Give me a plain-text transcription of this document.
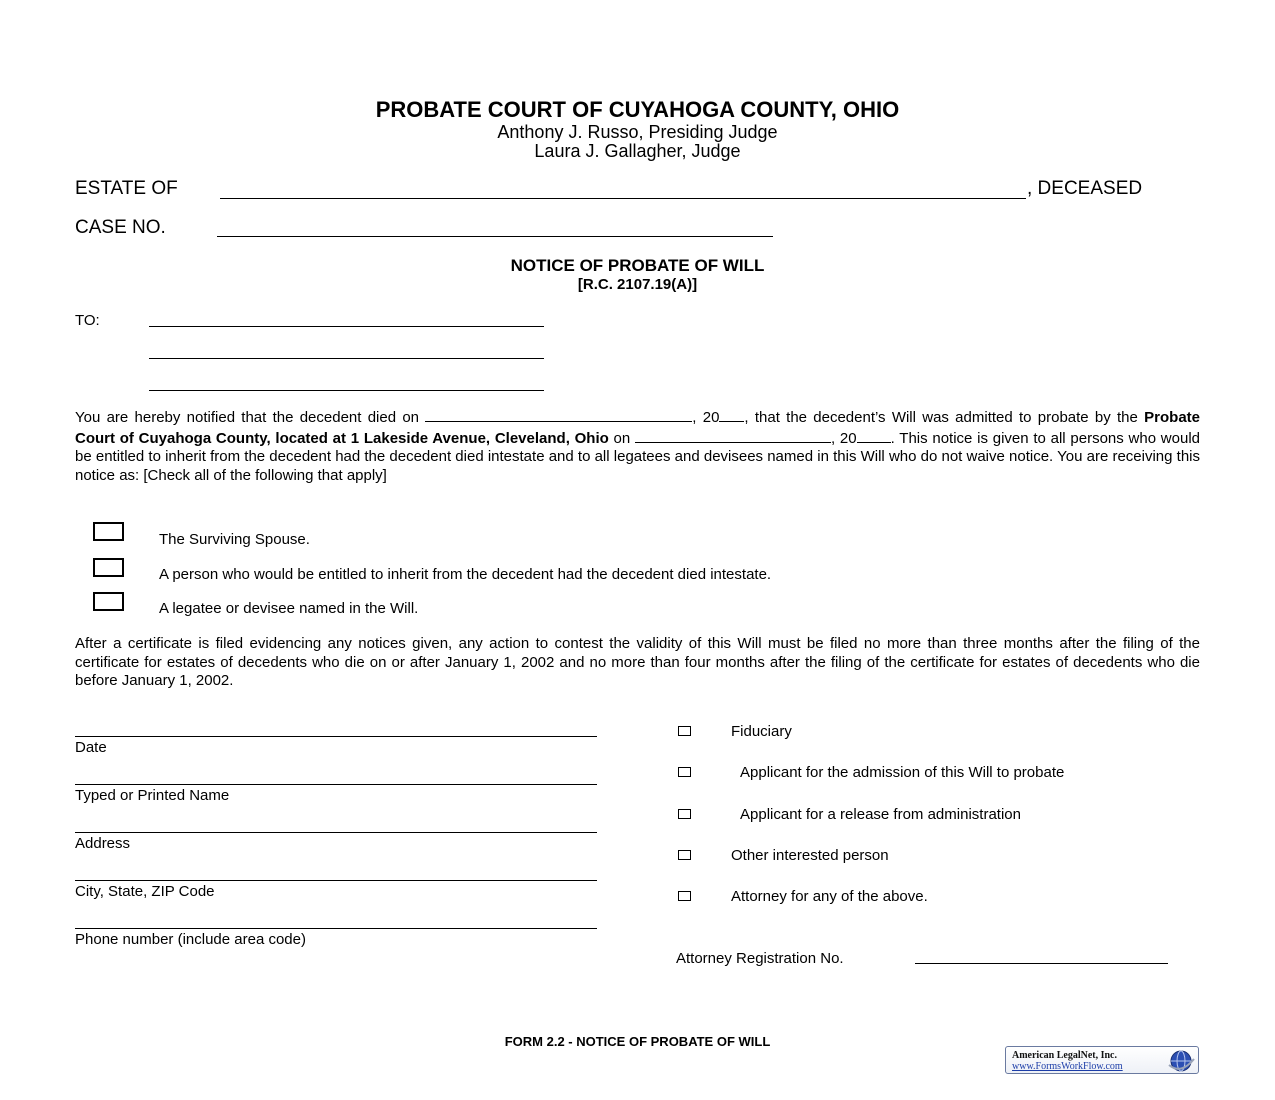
PROBATE COURT OF CUYAHOGA COUNTY, OHIO
Anthony J. Russo, Presiding Judge
Laura J. Gallagher, Judge
ESTATE OF	, DECEASED
CASE NO.
NOTICE OF PROBATE OF WILL
[R.C. 2107.19(A)]
TO:
You are hereby notified that the decedent died on	, 20 , that the decedent’s Will was admitted to probate by the Probate Court of Cuyahoga County, located at 1 Lakeside Avenue, Cleveland, Ohio on	, 20 . This notice is given to all persons who would be entitled to inherit from the decedent had the decedent died intestate and to all legatees and devisees named in this Will who do not waive notice. You are receiving this notice as: [Check all of the following that apply]
The Surviving Spouse.
A person who would be entitled to inherit from the decedent had the decedent died intestate.
A legatee or devisee named in the Will.
After a certificate is filed evidencing any notices given, any action to contest the validity of this Will must be filed no more than three months after the filing of the certificate for estates of decedents who die on or after January 1, 2002 and no more than four months after the filing of the certificate for estates of decedents who die before January 1, 2002.
Date
Typed or Printed Name
Address
City, State, ZIP Code
Phone number (include area code)
Fiduciary
Applicant for the admission of this Will to probate
Applicant for a release from administration
Other interested person
Attorney for any of the above.
Attorney Registration No.
FORM 2.2 - NOTICE OF PROBATE OF WILL
American LegalNet, Inc.
www.FormsWorkFlow.com
